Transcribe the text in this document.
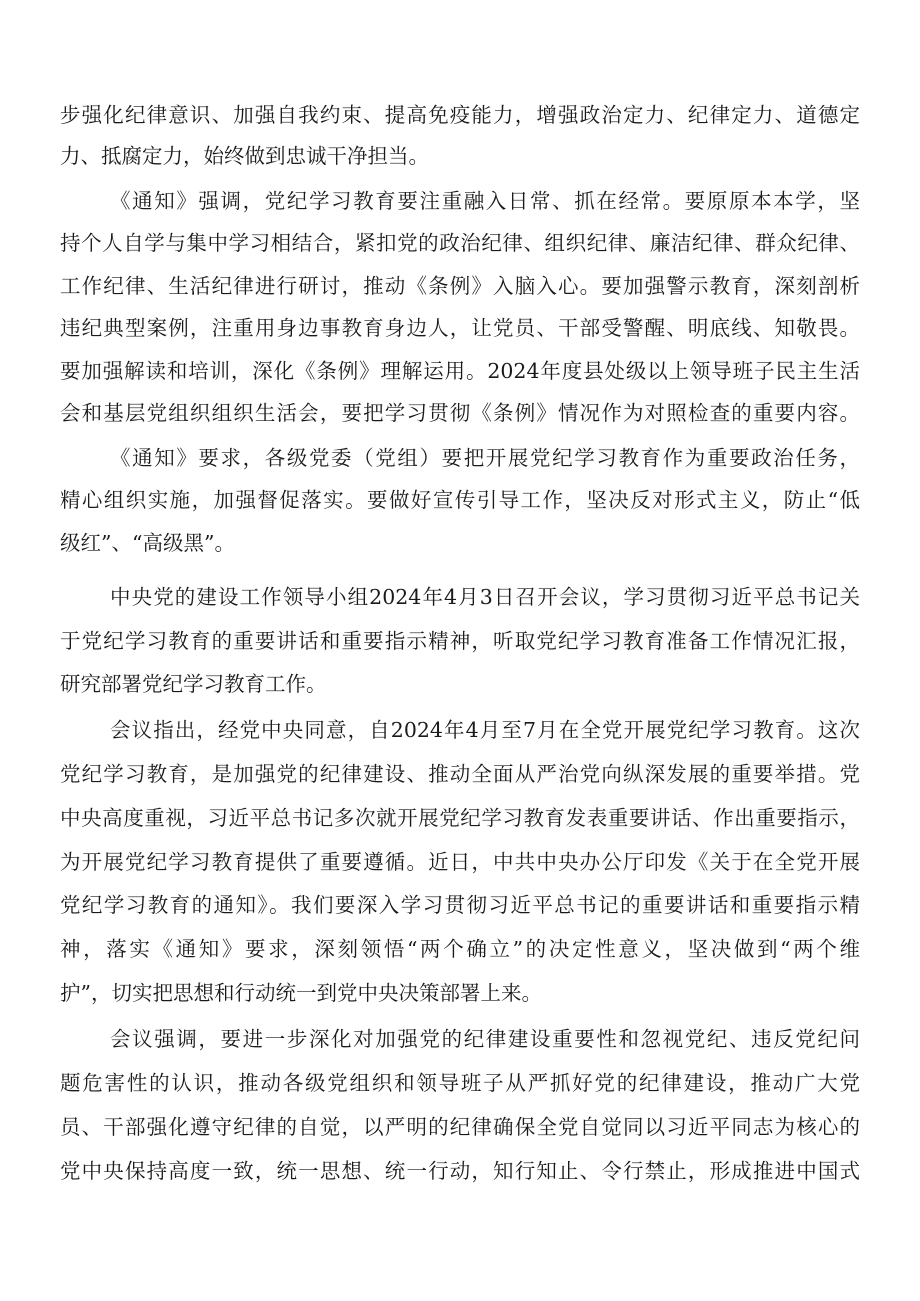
步强化纪律意识、加强自我约束、提高免疫能力，增强政治定力、纪律定力、道德定
力、抵腐定力，始终做到忠诚干净担当。
《通知》强调，党纪学习教育要注重融入日常、抓在经常。要原原本本学，坚
持个人自学与集中学习相结合，紧扣党的政治纪律、组织纪律、廉洁纪律、群众纪律、
工作纪律、生活纪律进行研讨，推动《条例》入脑入心。要加强警示教育，深刻剖析
违纪典型案例，注重用身边事教育身边人，让党员、干部受警醒、明底线、知敬畏。
要加强解读和培训，深化《条例》理解运用。2024年度县处级以上领导班子民主生活
会和基层党组织组织生活会，要把学习贯彻《条例》情况作为对照检查的重要内容。
《通知》要求，各级党委（党组）要把开展党纪学习教育作为重要政治任务，
精心组织实施，加强督促落实。要做好宣传引导工作，坚决反对形式主义，防止“低
级红”、“高级黑”。
中央党的建设工作领导小组2024年4月3日召开会议，学习贯彻习近平总书记关
于党纪学习教育的重要讲话和重要指示精神，听取党纪学习教育准备工作情况汇报，
研究部署党纪学习教育工作。
会议指出，经党中央同意，自2024年4月至7月在全党开展党纪学习教育。这次
党纪学习教育，是加强党的纪律建设、推动全面从严治党向纵深发展的重要举措。党
中央高度重视，习近平总书记多次就开展党纪学习教育发表重要讲话、作出重要指示，
为开展党纪学习教育提供了重要遵循。近日，中共中央办公厅印发《关于在全党开展
党纪学习教育的通知》。我们要深入学习贯彻习近平总书记的重要讲话和重要指示精
神，落实《通知》要求，深刻领悟“两个确立”的决定性意义，坚决做到“两个维
护”，切实把思想和行动统一到党中央决策部署上来。
会议强调，要进一步深化对加强党的纪律建设重要性和忽视党纪、违反党纪问
题危害性的认识，推动各级党组织和领导班子从严抓好党的纪律建设，推动广大党
员、干部强化遵守纪律的自觉，以严明的纪律确保全党自觉同以习近平同志为核心的
党中央保持高度一致，统一思想、统一行动，知行知止、令行禁止，形成推进中国式
